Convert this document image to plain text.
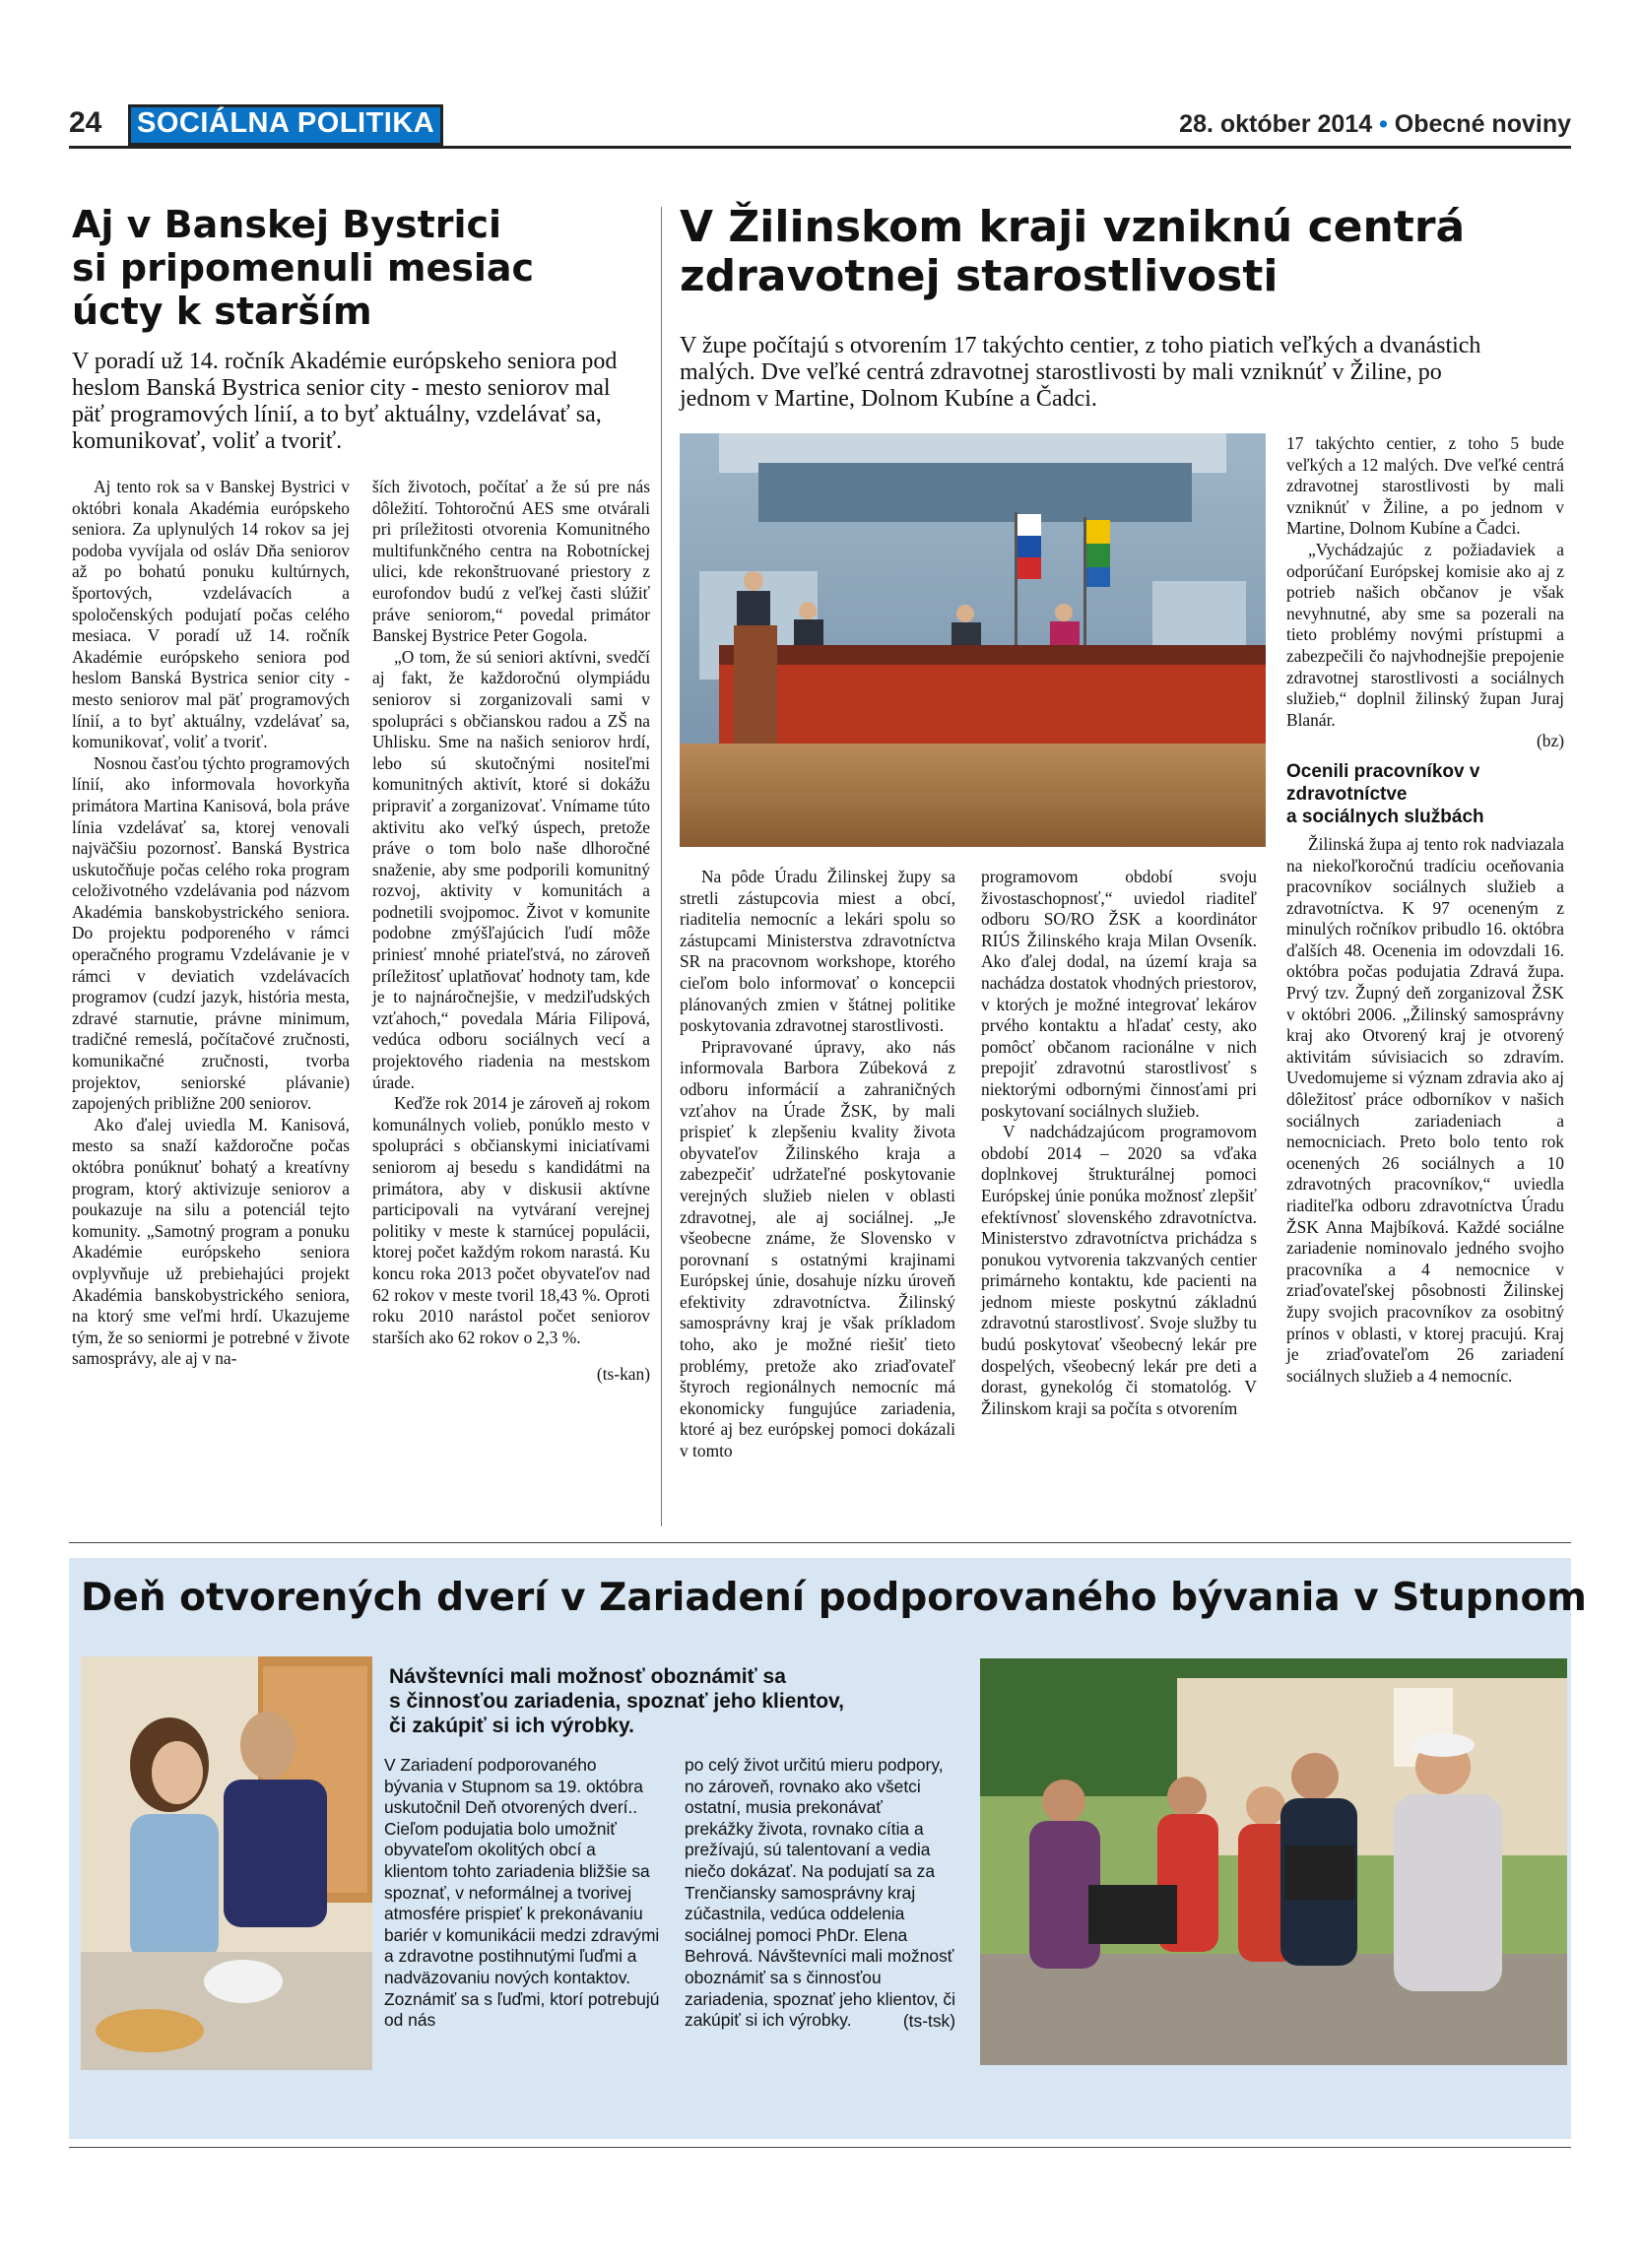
24	SOCIÁLNA POLITIKA	28. október 2014 • Obecné noviny
Aj v Banskej Bystrici
si pripomenuli mesiac
úcty k starším
V poradí už 14. ročník Akadémie európskeho seniora pod heslom Banská Bystrica senior city - mesto seniorov mal päť programových línií, a to byť aktuálny, vzdelávať sa, komunikovať, voliť a tvoriť.

Aj tento rok sa v Banskej Bystrici v októbri konala Akadémia európskeho seniora. Za uplynulých 14 rokov sa jej podoba vyvíjala od osláv Dňa seniorov až po bohatú ponuku kultúrnych, športových, vzdelávacích a spoločenských podujatí počas celého mesiaca. V poradí už 14. ročník Akadémie európskeho seniora pod heslom Banská Bystrica senior city - mesto seniorov mal päť programových línií, a to byť aktuálny, vzdelávať sa, komunikovať, voliť a tvoriť.

Nosnou časťou týchto programových línií, ako informovala hovorkyňa primátora Martina Kanisová, bola práve línia vzdelávať sa, ktorej venovali najväčšiu pozornosť. Banská Bystrica uskutočňuje počas celého roka program celoživotného vzdelávania pod názvom Akadémia banskobystrického seniora. Do projektu podporeného v rámci operačného programu Vzdelávanie je v rámci v deviatich vzdelávacích programov (cudzí jazyk, história mesta, zdravé starnutie, právne minimum, tradičné remeslá, počítačové zručnosti, komunikačné zručnosti, tvorba projektov, seniorské plávanie) zapojených približne 200 seniorov.

Ako ďalej uviedla M. Kanisová, mesto sa snaží každoročne počas októbra ponúknuť bohatý a kreatívny program, ktorý aktivizuje seniorov a poukazuje na silu a potenciál tejto komunity. „Samotný program a ponuku Akadémie európskeho seniora ovplyvňuje už prebiehajúci projekt Akadémia banskobystrického seniora, na ktorý sme veľmi hrdí. Ukazujeme tým, že so seniormi je potrebné v živote samosprávy, ale aj v na-

ších životoch, počítať a že sú pre nás dôležití. Tohtoročnú AES sme otvárali pri príležitosti otvorenia Komunitného multifunkčného centra na Robotníckej ulici, kde rekonštruované priestory z eurofondov budú z veľkej časti slúžiť práve seniorom,“ povedal primátor Banskej Bystrice Peter Gogola.

„O tom, že sú seniori aktívni, svedčí aj fakt, že každoročnú olympiádu seniorov si zorganizovali sami v spolupráci s občianskou radou a ZŠ na Uhlisku. Sme na našich seniorov hrdí, lebo sú skutočnými nositeľmi komunitných aktivít, ktoré si dokážu pripraviť a zorganizovať. Vnímame túto aktivitu ako veľký úspech, pretože práve o tom bolo naše dlhoročné snaženie, aby sme podporili komunitný rozvoj, aktivity v komunitách a podnetili svojpomoc. Život v komunite podobne zmýšľajúcich ľudí môže priniesť mnohé priateľstvá, no zároveň príležitosť uplatňovať hodnoty tam, kde je to najnáročnejšie, v medziľudských vzťahoch,“ povedala Mária Filipová, vedúca odboru sociálnych vecí a projektového riadenia na mestskom úrade.

Keďže rok 2014 je zároveň aj rokom komunálnych volieb, ponúklo mesto v spolupráci s občianskymi iniciatívami seniorom aj besedu s kandidátmi na primátora, aby v diskusii aktívne participovali na vytváraní verejnej politiky v meste k starnúcej populácii, ktorej počet každým rokom narastá. Ku koncu roka 2013 počet obyvateľov nad 62 rokov v meste tvoril 18,43 %. Oproti roku 2010 narástol počet seniorov starších ako 62 rokov o 2,3 %.

(ts-kan)

V Žilinskom kraji vzniknú centrá
zdravotnej starostlivosti
V župe počítajú s otvorením 17 takýchto centier, z toho piatich veľkých a dvanástich malých. Dve veľké centrá zdravotnej starostlivosti by mali vzniknúť v Žiline, po jednom v Martine, Dolnom Kubíne a Čadci.

Na pôde Úradu Žilinskej župy sa stretli zástupcovia miest a obcí, riaditelia nemocníc a lekári spolu so zástupcami Ministerstva zdravotníctva SR na pracovnom workshope, ktorého cieľom bolo informovať o koncepcii plánovaných zmien v štátnej politike poskytovania zdravotnej starostlivosti.

Pripravované úpravy, ako nás informovala Barbora Zúbeková z odboru informácií a zahraničných vzťahov na Úrade ŽSK, by mali prispieť k zlepšeniu kvality života obyvateľov Žilinského kraja a zabezpečiť udržateľné poskytovanie verejných služieb nielen v oblasti zdravotnej, ale aj sociálnej. „Je všeobecne známe, že Slovensko v porovnaní s ostatnými krajinami Európskej únie, dosahuje nízku úroveň efektivity zdravotníctva. Žilinský samosprávny kraj je však príkladom toho, ako je možné riešiť tieto problémy, pretože ako zriaďovateľ štyroch regionálnych nemocníc má ekonomicky fungujúce zariadenia, ktoré aj bez európskej pomoci dokázali v tomto

programovom období svoju živostaschopnosť,“ uviedol riaditeľ odboru SO/RO ŽSK a koordinátor RIÚS Žilinského kraja Milan Ovseník. Ako ďalej dodal, na území kraja sa nachádza dostatok vhodných priestorov, v ktorých je možné integrovať lekárov prvého kontaktu a hľadať cesty, ako pomôcť občanom racionálne v nich prepojiť zdravotnú starostlivosť s niektorými odbornými činnosťami pri poskytovaní sociálnych služieb.

V nadchádzajúcom programovom období 2014 – 2020 sa vďaka doplnkovej štrukturálnej pomoci Európskej únie ponúka možnosť zlepšiť efektívnosť slovenského zdravotníctva. Ministerstvo zdravotníctva prichádza s ponukou vytvorenia takzvaných centier primárneho kontaktu, kde pacienti na jednom mieste poskytnú základnú zdravotnú starostlivosť. Svoje služby tu budú poskytovať všeobecný lekár pre dospelých, všeobecný lekár pre deti a dorast, gynekológ či stomatológ. V Žilinskom kraji sa počíta s otvorením

17 takýchto centier, z toho 5 bude veľkých a 12 malých. Dve veľké centrá zdravotnej starostlivosti by mali vzniknúť v Žiline, a po jednom v Martine, Dolnom Kubíne a Čadci.

„Vychádzajúc z požiadaviek a odporúčaní Európskej komisie ako aj z potrieb našich občanov je však nevyhnutné, aby sme sa pozerali na tieto problémy novými prístupmi a zabezpečili čo najvhodnejšie prepojenie zdravotnej starostlivosti a sociálnych služieb,“ doplnil žilinský župan Juraj Blanár.

(bz)

Ocenili pracovníkov v
zdravotníctve
a sociálnych službách

Žilinská župa aj tento rok nadviazala na niekoľkoročnú tradíciu oceňovania pracovníkov sociálnych služieb a zdravotníctva. K 97 oceneným z minulých ročníkov pribudlo 16. októbra ďalších 48. Ocenenia im odovzdali 16. októbra počas podujatia Zdravá župa. Prvý tzv. Župný deň zorganizoval ŽSK v októbri 2006. „Žilinský samosprávny kraj ako Otvorený kraj je otvorený aktivitám súvisiacich so zdravím. Uvedomujeme si význam zdravia ako aj dôležitosť práce odborníkov v našich sociálnych zariadeniach a nemocniciach. Preto bolo tento rok ocenených 26 sociálnych a 10 zdravotných pracovníkov,“ uviedla riaditeľka odboru zdravotníctva Úradu ŽSK Anna Majbíková. Každé sociálne zariadenie nominovalo jedného svojho pracovníka a 4 nemocnice v zriaďovateľskej pôsobnosti Žilinskej župy svojich pracovníkov za osobitný prínos v oblasti, v ktorej pracujú. Kraj je zriaďovateľom 26 zariadení sociálnych služieb a 4 nemocníc.

Deň otvorených dverí v Zariadení podporovaného bývania v Stupnom
Návštevníci mali možnosť oboznámiť sa
s činnosťou zariadenia, spoznať jeho klientov,
či zakúpiť si ich výrobky.
V Zariadení podporovaného bývania v Stupnom sa 19. októbra uskutočnil Deň otvorených dverí.. Cieľom podujatia bolo umožniť obyvateľom okolitých obcí a klientom tohto zariadenia bližšie sa spoznať, v neformálnej a tvorivej atmosfére prispieť k prekonávaniu bariér v komunikácii medzi zdravými a zdravotne postihnutými ľuďmi a nadväzovaniu nových kontaktov. Zoznámiť sa s ľuďmi, ktorí potrebujú od nás
po celý život určitú mieru podpory, no zároveň, rovnako ako všetci ostatní, musia prekonávať prekážky života, rovnako cítia a prežívajú, sú talentovaní a vedia niečo dokázať. Na podujatí sa za Trenčiansky samosprávny kraj zúčastnila, vedúca oddelenia sociálnej pomoci PhDr. Elena Behrová. Návštevníci mali možnosť oboznámiť sa s činnosťou zariadenia, spoznať jeho klientov, či zakúpiť si ich výrobky.	(ts-tsk)
